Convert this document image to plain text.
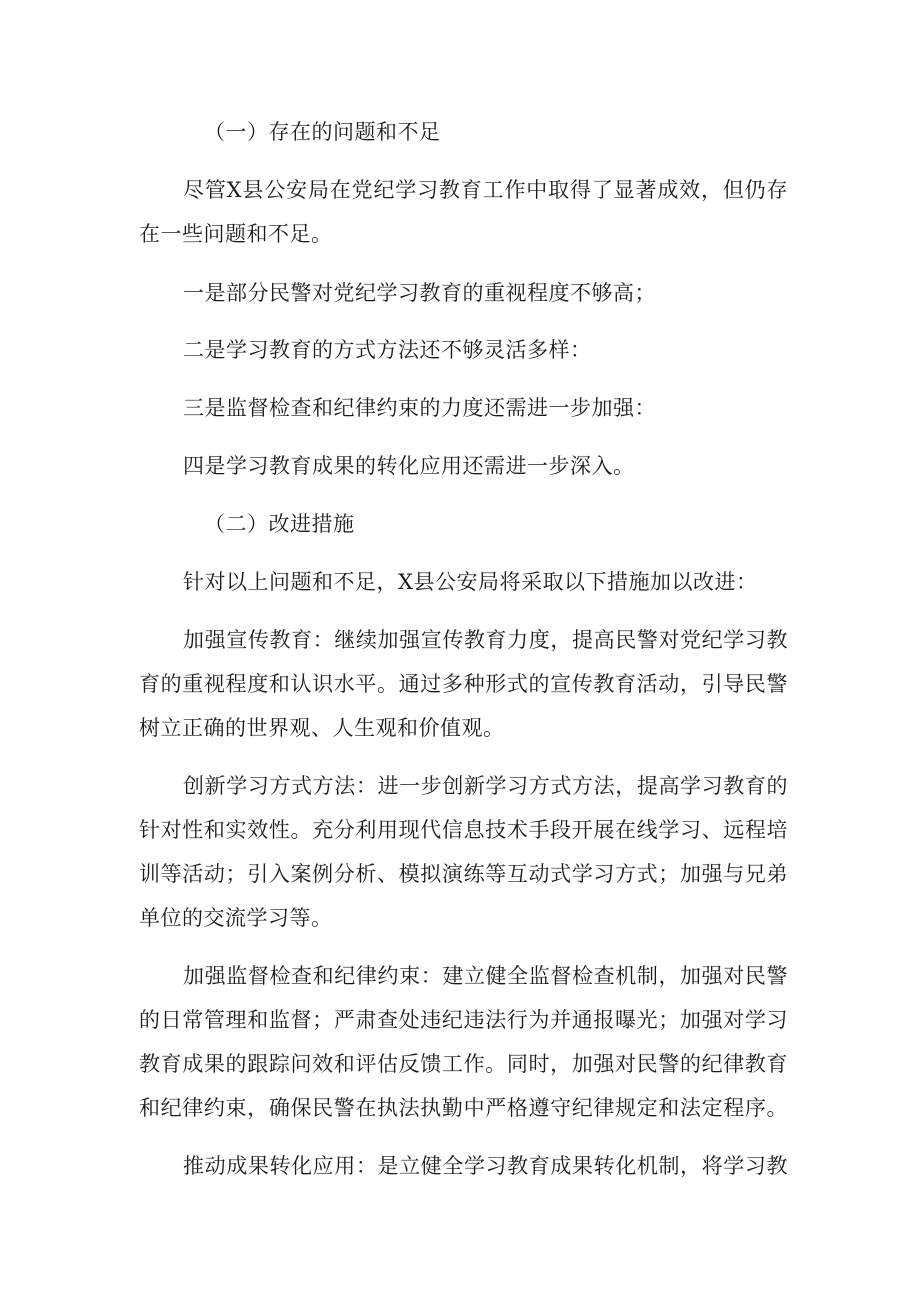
（一）存在的问题和不足
尽管X县公安局在党纪学习教育工作中取得了显著成效，但仍存
在一些问题和不足。
一是部分民警对党纪学习教育的重视程度不够高；
二是学习教育的方式方法还不够灵活多样：
三是监督检查和纪律约束的力度还需进一步加强：
四是学习教育成果的转化应用还需进一步深入。
（二）改进措施
针对以上问题和不足，X县公安局将采取以下措施加以改进：
加强宣传教育：继续加强宣传教育力度，提高民警对党纪学习教
育的重视程度和认识水平。通过多种形式的宣传教育活动，引导民警
树立正确的世界观、人生观和价值观。
创新学习方式方法：进一步创新学习方式方法，提高学习教育的
针对性和实效性。充分利用现代信息技术手段开展在线学习、远程培
训等活动；引入案例分析、模拟演练等互动式学习方式；加强与兄弟
单位的交流学习等。
加强监督检查和纪律约束：建立健全监督检查机制，加强对民警
的日常管理和监督；严肃查处违纪违法行为并通报曝光；加强对学习
教育成果的跟踪问效和评估反馈工作。同时，加强对民警的纪律教育
和纪律约束，确保民警在执法执勤中严格遵守纪律规定和法定程序。
推动成果转化应用：是立健全学习教育成果转化机制，将学习教
